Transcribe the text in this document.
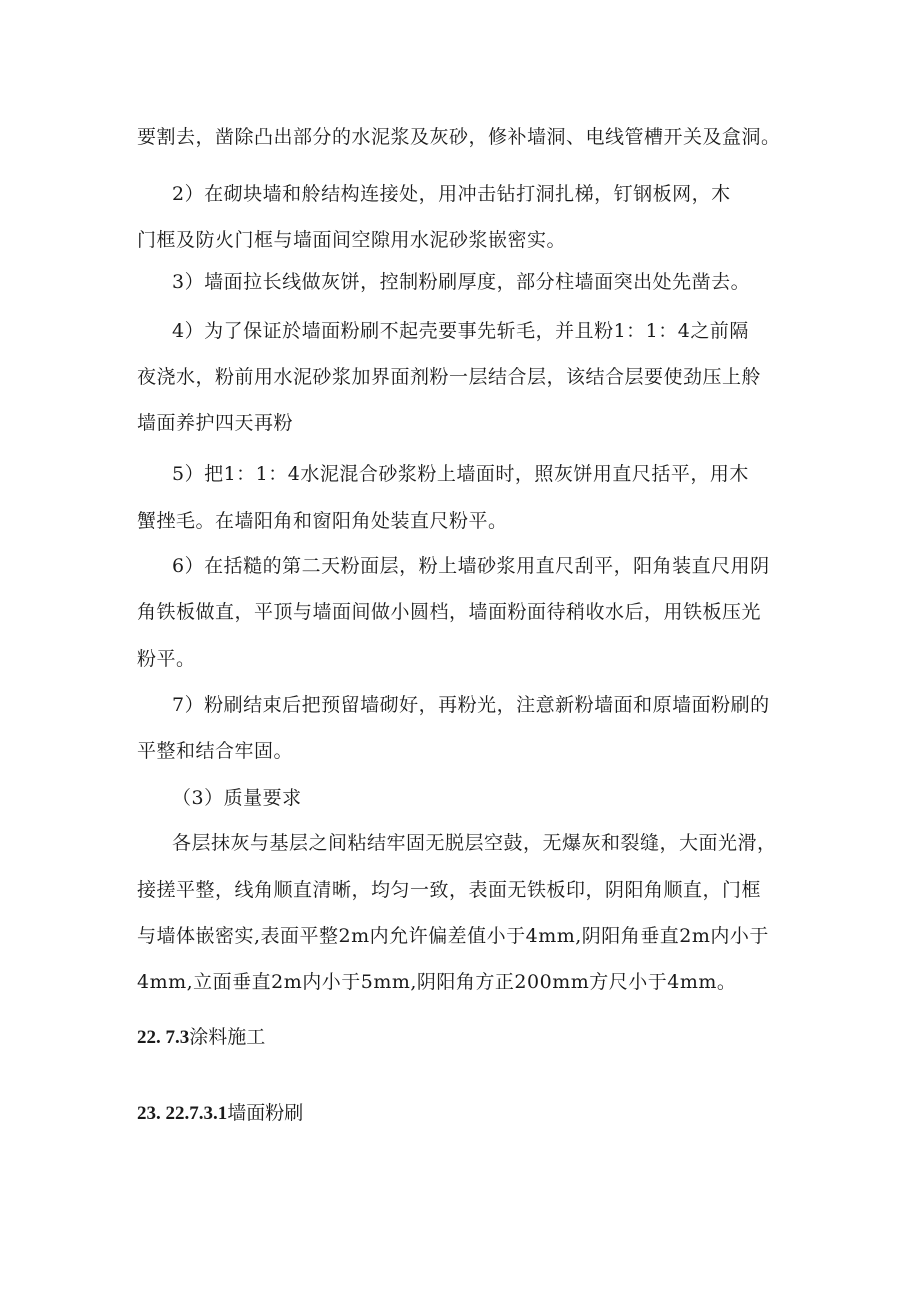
要割去，凿除凸出部分的水泥浆及灰砂，修补墙洞、电线管槽开关及盒洞。
2）在砌块墙和舲结构连接处，用冲击钻打洞扎梯，钉钢板网，木
门框及防火门框与墙面间空隙用水泥砂浆嵌密实。
3）墙面拉长线做灰饼，控制粉刷厚度，部分柱墙面突出处先凿去。
4）为了保证於墙面粉刷不起壳要事先斩毛，并且粉1：1：4之前隔
夜浇水，粉前用水泥砂浆加界面剂粉一层结合层，该结合层要使劲压上舲
墙面养护四天再粉
5）把1：1：4水泥混合砂浆粉上墙面时，照灰饼用直尺括平，用木
蟹挫毛。在墙阳角和窗阳角处装直尺粉平。
6）在括糙的第二天粉面层，粉上墙砂浆用直尺刮平，阳角装直尺用阴
角铁板做直，平顶与墙面间做小圆档，墙面粉面待稍收水后，用铁板压光
粉平。
7）粉刷结束后把预留墙砌好，再粉光，注意新粉墙面和原墙面粉刷的
平整和结合牢固。
（3）质量要求
各层抹灰与基层之间粘结牢固无脱层空鼓，无爆灰和裂缝，大面光滑，
接搓平整，线角顺直清晰，均匀一致，表面无铁板印，阴阳角顺直，门框
与墙体嵌密实,表面平整2m内允许偏差值小于4mm,阴阳角垂直2m内小于
4mm,立面垂直2m内小于5mm,阴阳角方正200mm方尺小于4mm。
22. 7.3涂料施工
23. 22.7.3.1墙面粉刷
